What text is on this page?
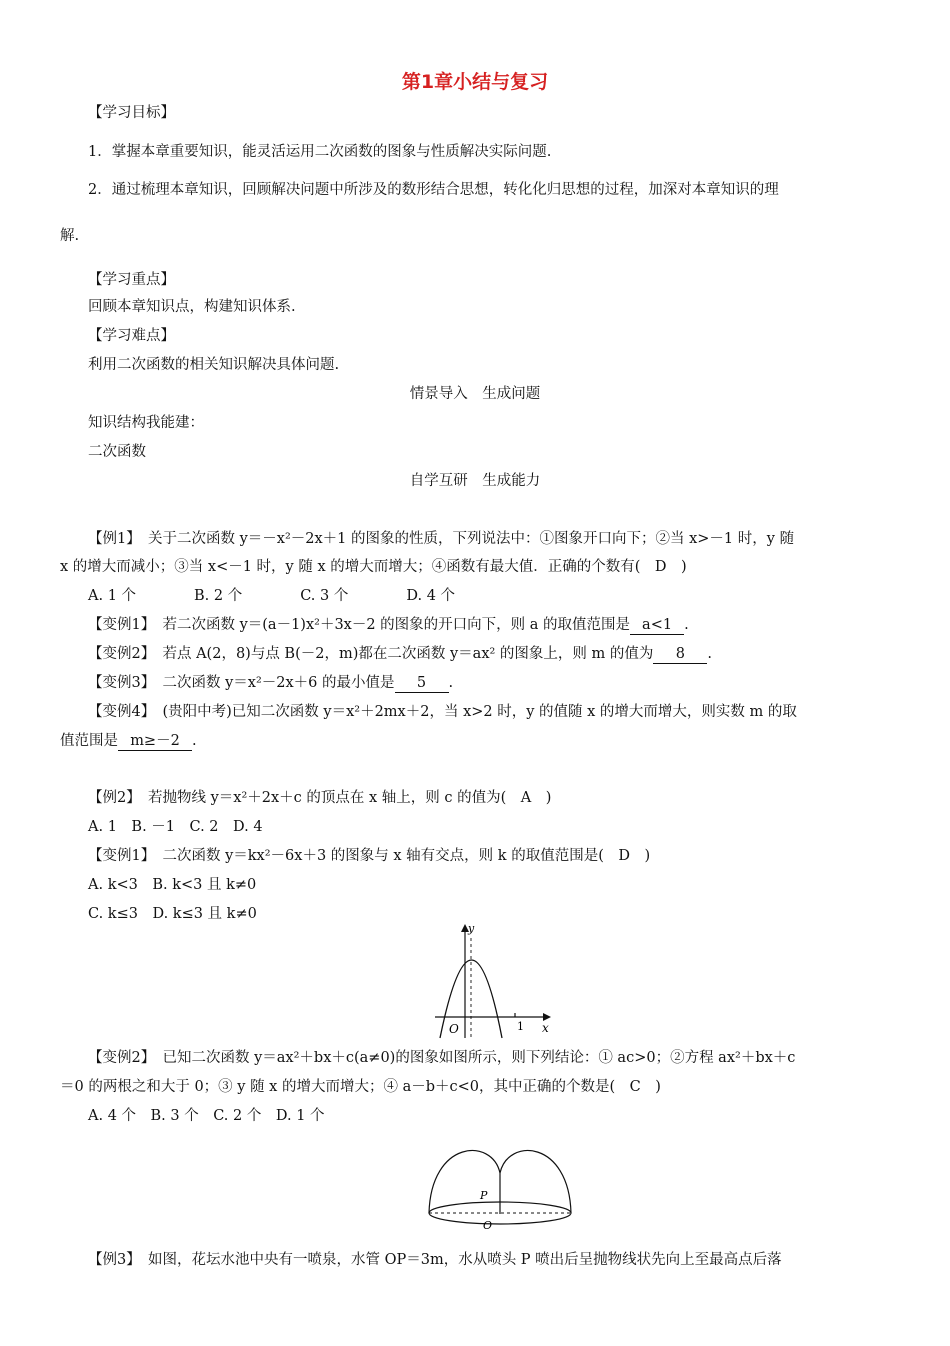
第1章小结与复习
【学习目标】
1．掌握本章重要知识，能灵活运用二次函数的图象与性质解决实际问题.
2．通过梳理本章知识，回顾解决问题中所涉及的数形结合思想，转化化归思想的过程，加深对本章知识的理
解.
【学习重点】
回顾本章知识点，构建知识体系.
【学习难点】
利用二次函数的相关知识解决具体问题.
情景导入　生成问题
知识结构我能建：
二次函数
自学互研　生成能力
【例1】　关于二次函数 y＝－x²－2x＋1 的图象的性质，下列说法中：①图象开口向下；②当 x>－1 时，y 随
x 的增大而减小；③当 x<－1 时，y 随 x 的增大而增大；④函数有最大值．正确的个数有(　D　)
A. 1 个　　　　B. 2 个　　　　C. 3 个　　　　D. 4 个
【变例1】　若二次函数 y＝(a－1)x²＋3x－2 的图象的开口向下，则 a 的取值范围是 a<1 .
【变例2】　若点 A(2，8)与点 B(－2，m)都在二次函数 y＝ax² 的图象上，则 m 的值为 8 .
【变例3】　二次函数 y＝x²－2x＋6 的最小值是 5 .
【变例4】　(贵阳中考)已知二次函数 y＝x²＋2mx＋2，当 x>2 时，y 的值随 x 的增大而增大，则实数 m 的取
值范围是 m≥－2 .
【例2】　若抛物线 y＝x²＋2x＋c 的顶点在 x 轴上，则 c 的值为(　A　)
A. 1　B. －1　C. 2　D. 4
【变例1】　二次函数 y＝kx²－6x＋3 的图象与 x 轴有交点，则 k 的取值范围是(　D　)
A. k<3　B. k<3 且 k≠0
C. k≤3　D. k≤3 且 k≠0
y
x
O	1
【变例2】　已知二次函数 y＝ax²＋bx＋c(a≠0)的图象如图所示，则下列结论：① ac>0；②方程 ax²＋bx＋c
＝0 的两根之和大于 0；③ y 随 x 的增大而增大；④ a－b＋c<0，其中正确的个数是(　C　)
A. 4 个　B. 3 个　C. 2 个　D. 1 个
P
O
【例3】　如图，花坛水池中央有一喷泉，水管 OP＝3m，水从喷头 P 喷出后呈抛物线状先向上至最高点后落
